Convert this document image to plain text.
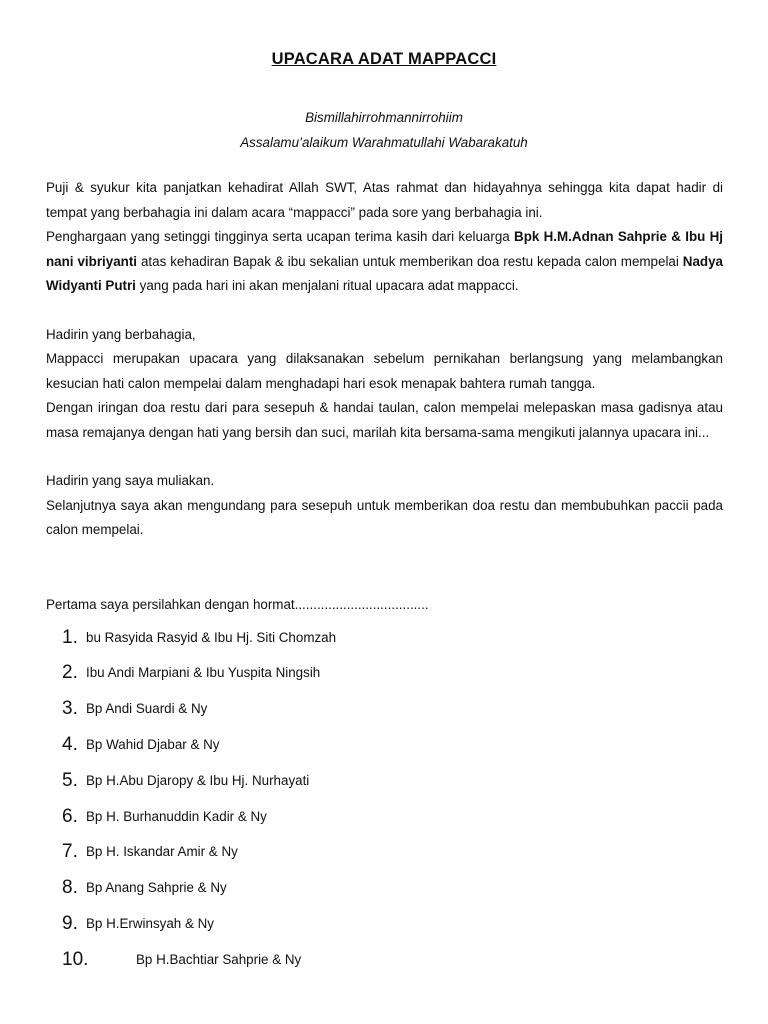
UPACARA ADAT MAPPACCI

Bismillahirrohmannirrohiim

Assalamu’alaikum Warahmatullahi Wabarakatuh

Puji & syukur kita panjatkan kehadirat Allah SWT, Atas rahmat dan hidayahnya sehingga kita dapat hadir di tempat yang berbahagia ini dalam acara “mappacci” pada sore yang berbahagia ini.

Penghargaan yang setinggi tingginya serta ucapan terima kasih dari keluarga Bpk H.M.Adnan Sahprie & Ibu Hj nani vibriyanti atas kehadiran Bapak & ibu sekalian untuk memberikan doa restu kepada calon mempelai Nadya Widyanti Putri yang pada hari ini akan menjalani ritual upacara adat mappacci.

Hadirin yang berbahagia,

Mappacci merupakan upacara yang dilaksanakan sebelum pernikahan berlangsung yang melambangkan kesucian hati calon mempelai dalam menghadapi hari esok menapak bahtera rumah tangga.

Dengan iringan doa restu dari para sesepuh & handai taulan, calon mempelai melepaskan masa gadisnya atau masa remajanya dengan hati yang bersih dan suci, marilah kita bersama-sama mengikuti jalannya upacara ini...

Hadirin yang saya muliakan.

Selanjutnya saya akan mengundang para sesepuh untuk memberikan doa restu dan membubuhkan paccii pada calon mempelai.

Pertama saya persilahkan dengan hormat....................................

1. bu Rasyida Rasyid & Ibu Hj. Siti Chomzah
2. Ibu Andi Marpiani & Ibu Yuspita Ningsih
3. Bp Andi Suardi & Ny
4. Bp Wahid Djabar & Ny
5. Bp H.Abu Djaropy & Ibu Hj. Nurhayati
6. Bp H. Burhanuddin Kadir & Ny
7. Bp H. Iskandar Amir & Ny
8. Bp Anang Sahprie & Ny
9. Bp H.Erwinsyah & Ny
10.	Bp H.Bachtiar Sahprie & Ny
